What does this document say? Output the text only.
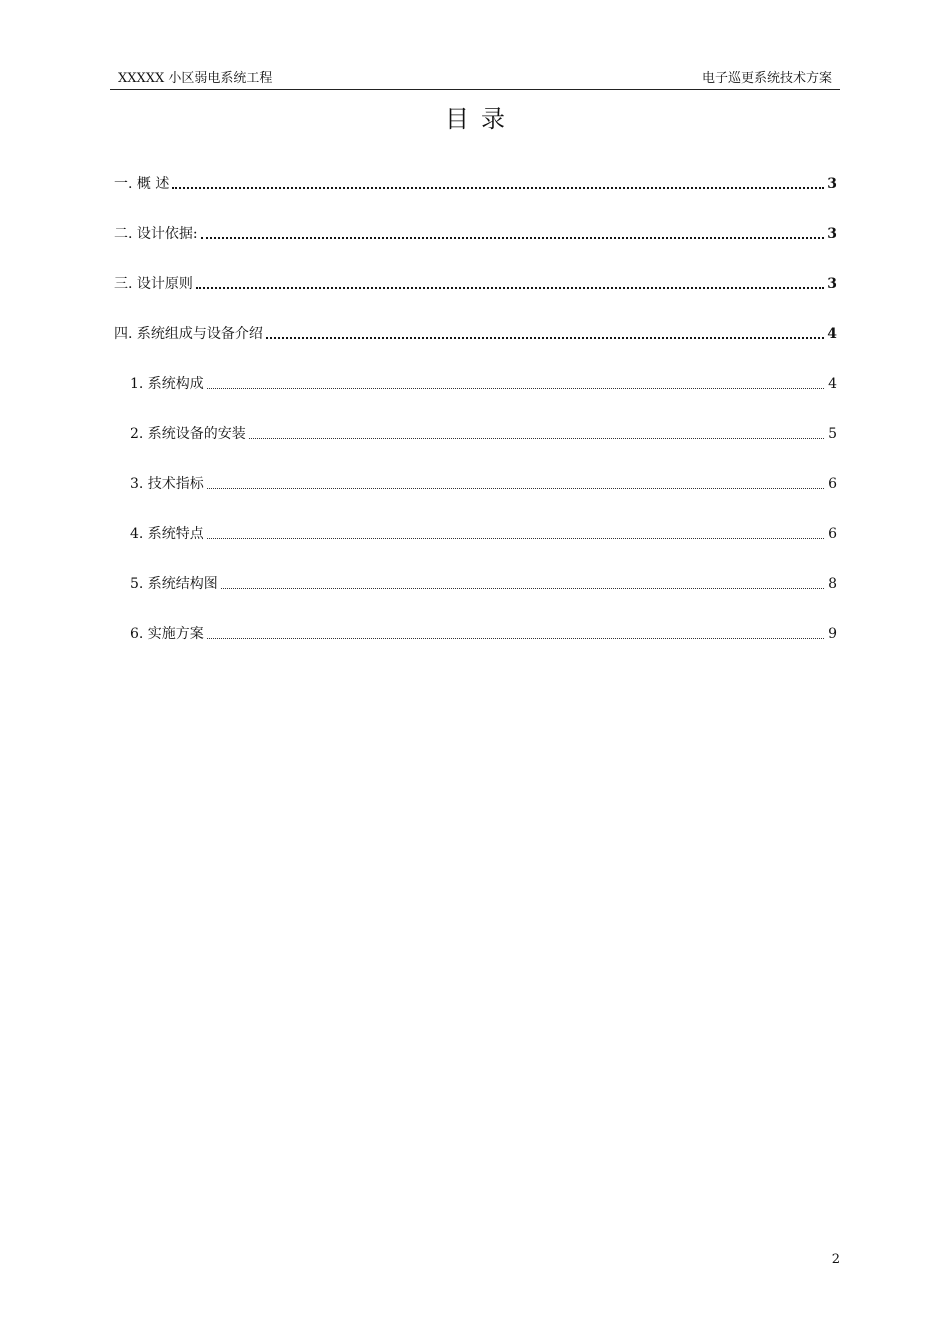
XXXXX 小区弱电系统工程	电子巡更系统技术方案
目录
一. 概 述	3
二. 设计依据:	3
三. 设计原则	3
四. 系统组成与设备介绍	4
1. 系统构成	4
2. 系统设备的安装	5
3. 技术指标	6
4. 系统特点	6
5. 系统结构图	8
6. 实施方案	9
2
